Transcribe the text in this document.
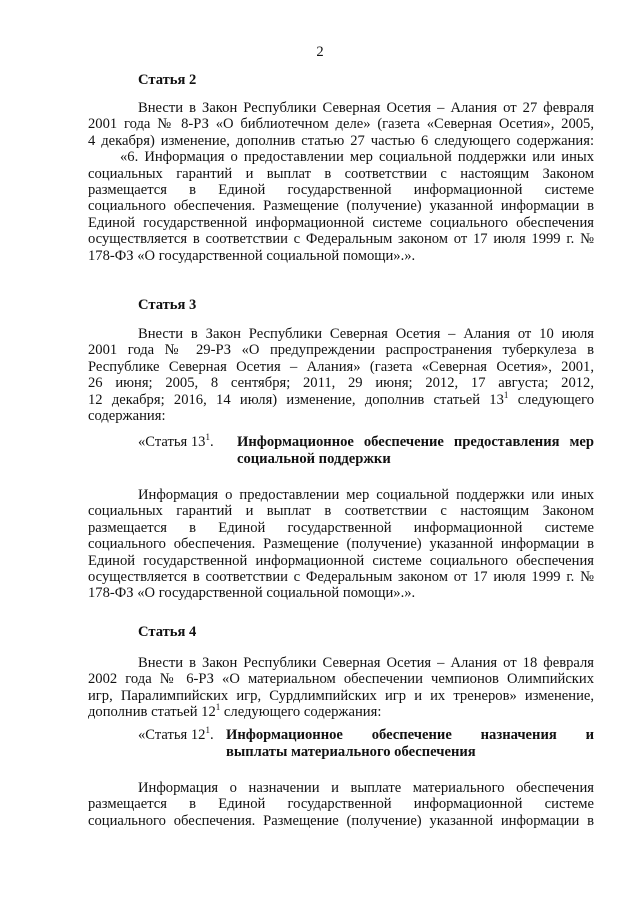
2
Статья 2
Внести в Закон Республики Северная Осетия – Алания от 27 февраля
2001 года № 8-РЗ «О библиотечном деле» (газета «Северная Осетия», 2005,
4 декабря) изменение, дополнив статью 27 частью 6 следующего содержания:
«6. Информация о предоставлении мер социальной поддержки или иных
социальных гарантий и выплат в соответствии с настоящим Законом
размещается в Единой государственной информационной системе
социального обеспечения. Размещение (получение) указанной информации в
Единой государственной информационной системе социального обеспечения
осуществляется в соответствии с Федеральным законом от 17 июля 1999 г. №
178-ФЗ «О государственной социальной помощи».».
Статья 3
Внести в Закон Республики Северная Осетия – Алания от 10 июля
2001 года № 29-РЗ «О предупреждении распространения туберкулеза в
Республике Северная Осетия – Алания» (газета «Северная Осетия», 2001,
26 июня; 2005, 8 сентября; 2011, 29 июня; 2012, 17 августа; 2012,
12 декабря; 2016, 14 июля) изменение, дополнив статьей $13^1$ следующего
содержания:
«Статья $13^1$. Информационное обеспечение предоставления мер
социальной поддержки
Информация о предоставлении мер социальной поддержки или иных
социальных гарантий и выплат в соответствии с настоящим Законом
размещается в Единой государственной информационной системе
социального обеспечения. Размещение (получение) указанной информации в
Единой государственной информационной системе социального обеспечения
осуществляется в соответствии с Федеральным законом от 17 июля 1999 г. №
178-ФЗ «О государственной социальной помощи».».
Статья 4
Внести в Закон Республики Северная Осетия – Алания от 18 февраля
2002 года № 6-РЗ «О материальном обеспечении чемпионов Олимпийских
игр, Паралимпийских игр, Сурдлимпийских игр и их тренеров» изменение,
дополнив статьей $12^1$ следующего содержания:
«Статья $12^1$. Информационное обеспечение назначения и
выплаты материального обеспечения
Информация о назначении и выплате материального обеспечения
размещается в Единой государственной информационной системе
социального обеспечения. Размещение (получение) указанной информации в
